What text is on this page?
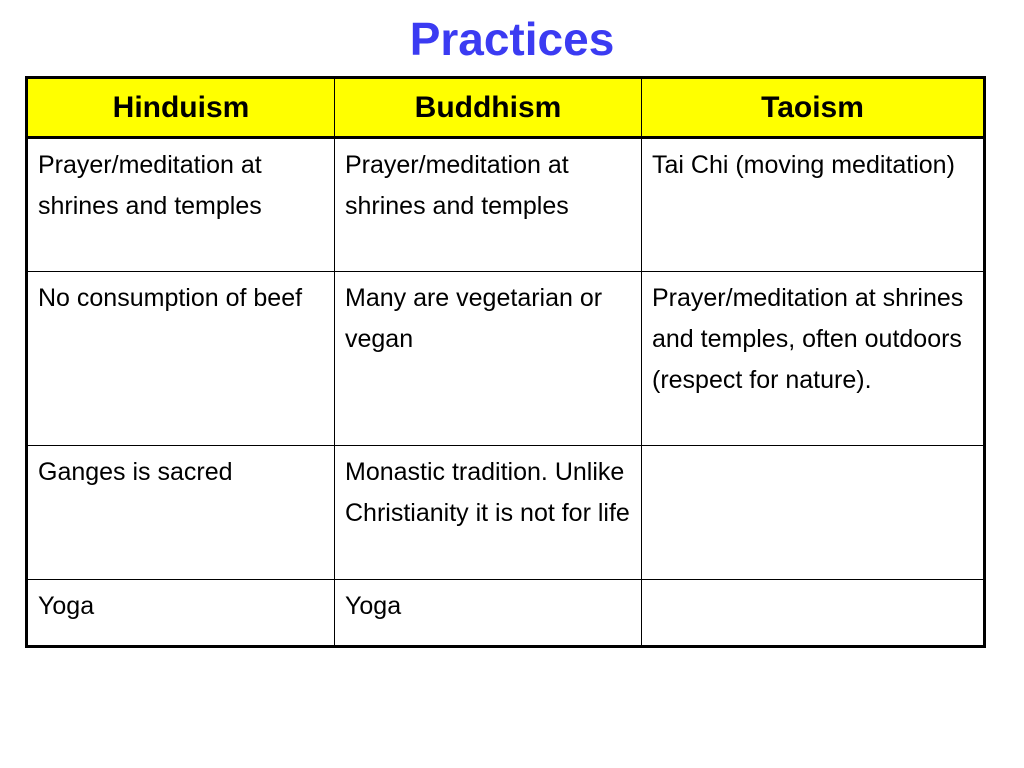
Practices
Hinduism	Buddhism	Taoism
Prayer/meditation at shrines and temples	Prayer/meditation at shrines and temples	Tai Chi (moving meditation)
No consumption of beef	Many are vegetarian or vegan	Prayer/meditation at shrines and temples, often outdoors (respect for nature).
Ganges is sacred	Monastic tradition. Unlike Christianity it is not for life	
Yoga	Yoga	
